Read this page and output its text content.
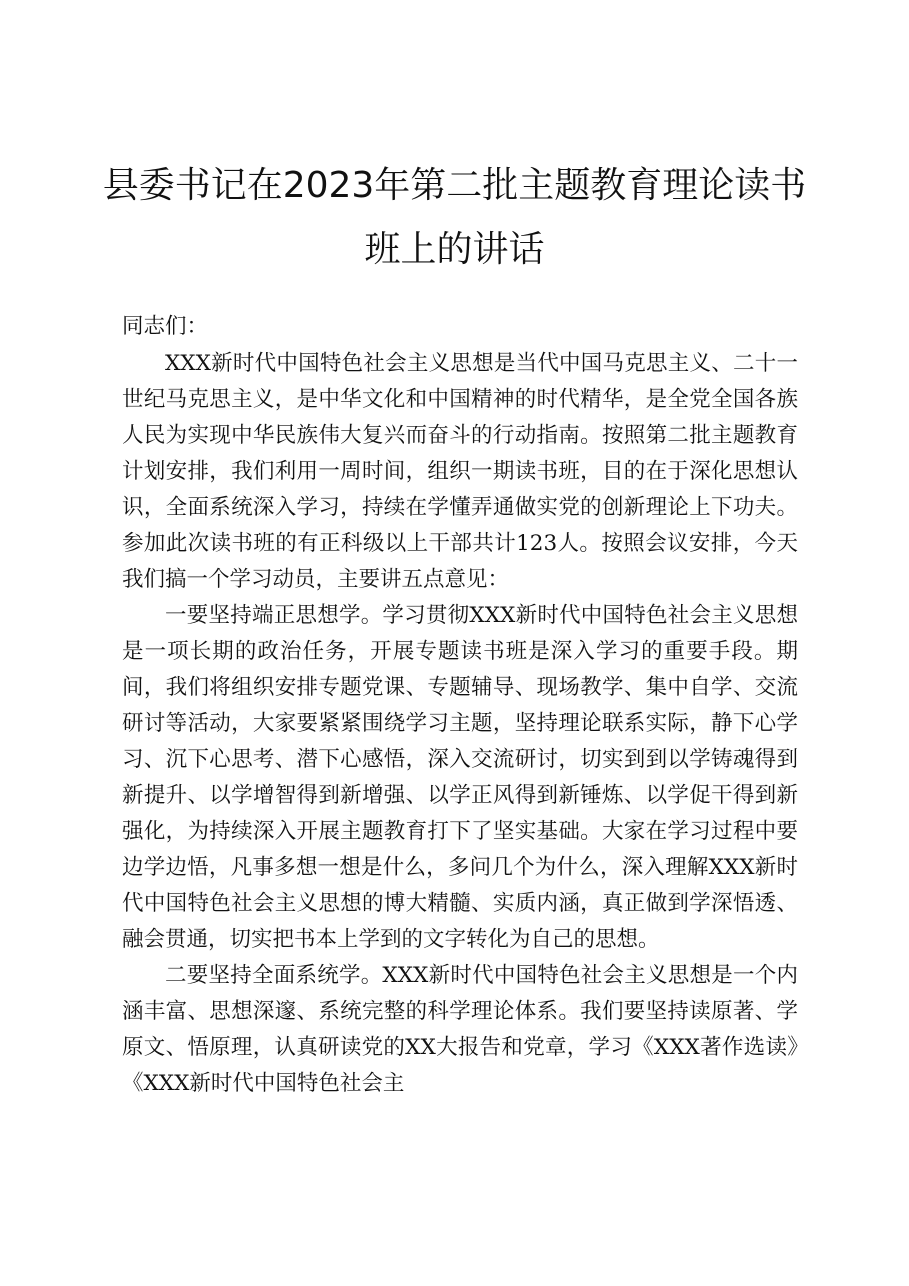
县委书记在2023年第二批主题教育理论读书
班上的讲话

同志们：

XXX新时代中国特色社会主义思想是当代中国马克思主义、二十一世纪马克思主义，是中华文化和中国精神的时代精华，是全党全国各族人民为实现中华民族伟大复兴而奋斗的行动指南。按照第二批主题教育计划安排，我们利用一周时间，组织一期读书班，目的在于深化思想认识，全面系统深入学习，持续在学懂弄通做实党的创新理论上下功夫。参加此次读书班的有正科级以上干部共计123人。按照会议安排，今天我们搞一个学习动员，主要讲五点意见：

一要坚持端正思想学。学习贯彻XXX新时代中国特色社会主义思想是一项长期的政治任务，开展专题读书班是深入学习的重要手段。期间，我们将组织安排专题党课、专题辅导、现场教学、集中自学、交流研讨等活动，大家要紧紧围绕学习主题，坚持理论联系实际，静下心学习、沉下心思考、潜下心感悟，深入交流研讨，切实到到以学铸魂得到新提升、以学增智得到新增强、以学正风得到新锤炼、以学促干得到新强化，为持续深入开展主题教育打下了坚实基础。大家在学习过程中要边学边悟，凡事多想一想是什么，多问几个为什么，深入理解XXX新时代中国特色社会主义思想的博大精髓、实质内涵，真正做到学深悟透、融会贯通，切实把书本上学到的文字转化为自己的思想。

二要坚持全面系统学。XXX新时代中国特色社会主义思想是一个内涵丰富、思想深邃、系统完整的科学理论体系。我们要坚持读原著、学原文、悟原理，认真研读党的XX大报告和党章，学习《XXX著作选读》《XXX新时代中国特色社会主
